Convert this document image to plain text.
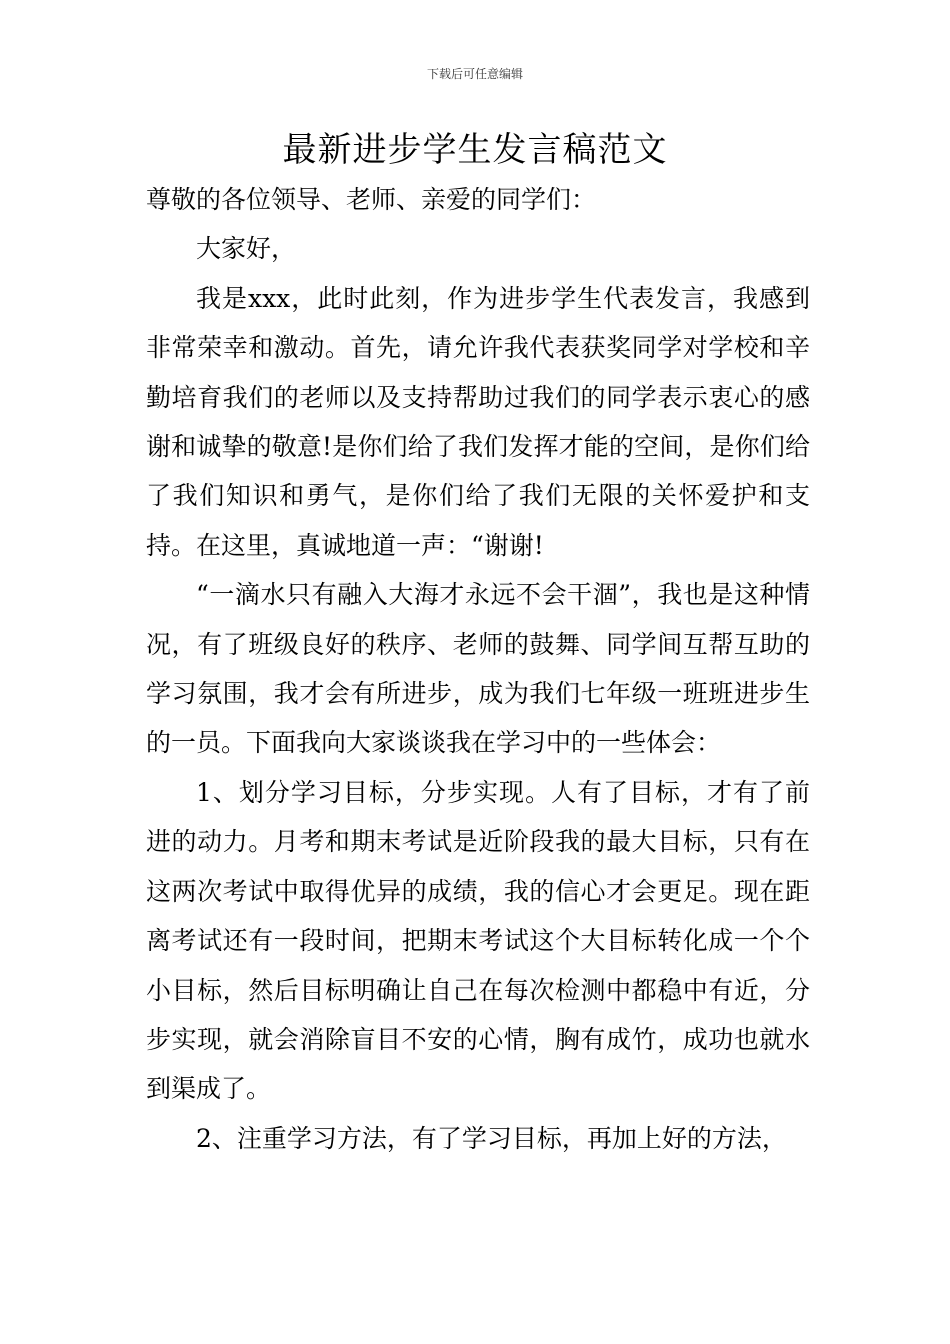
下载后可任意编辑
最新进步学生发言稿范文

尊敬的各位领导、老师、亲爱的同学们：

大家好，

我是xxx，此时此刻，作为进步学生代表发言，我感到非常荣幸和激动。首先，请允许我代表获奖同学对学校和辛勤培育我们的老师以及支持帮助过我们的同学表示衷心的感谢和诚挚的敬意!是你们给了我们发挥才能的空间，是你们给了我们知识和勇气，是你们给了我们无限的关怀爱护和支持。在这里，真诚地道一声：“谢谢!

“一滴水只有融入大海才永远不会干涸”，我也是这种情况，有了班级良好的秩序、老师的鼓舞、同学间互帮互助的学习氛围，我才会有所进步，成为我们七年级一班班进步生的一员。下面我向大家谈谈我在学习中的一些体会：

1、划分学习目标，分步实现。人有了目标，才有了前进的动力。月考和期末考试是近阶段我的最大目标，只有在这两次考试中取得优异的成绩，我的信心才会更足。现在距离考试还有一段时间，把期末考试这个大目标转化成一个个小目标，然后目标明确让自己在每次检测中都稳中有近，分步实现，就会消除盲目不安的心情，胸有成竹，成功也就水到渠成了。

2、注重学习方法，有了学习目标，再加上好的方法，
